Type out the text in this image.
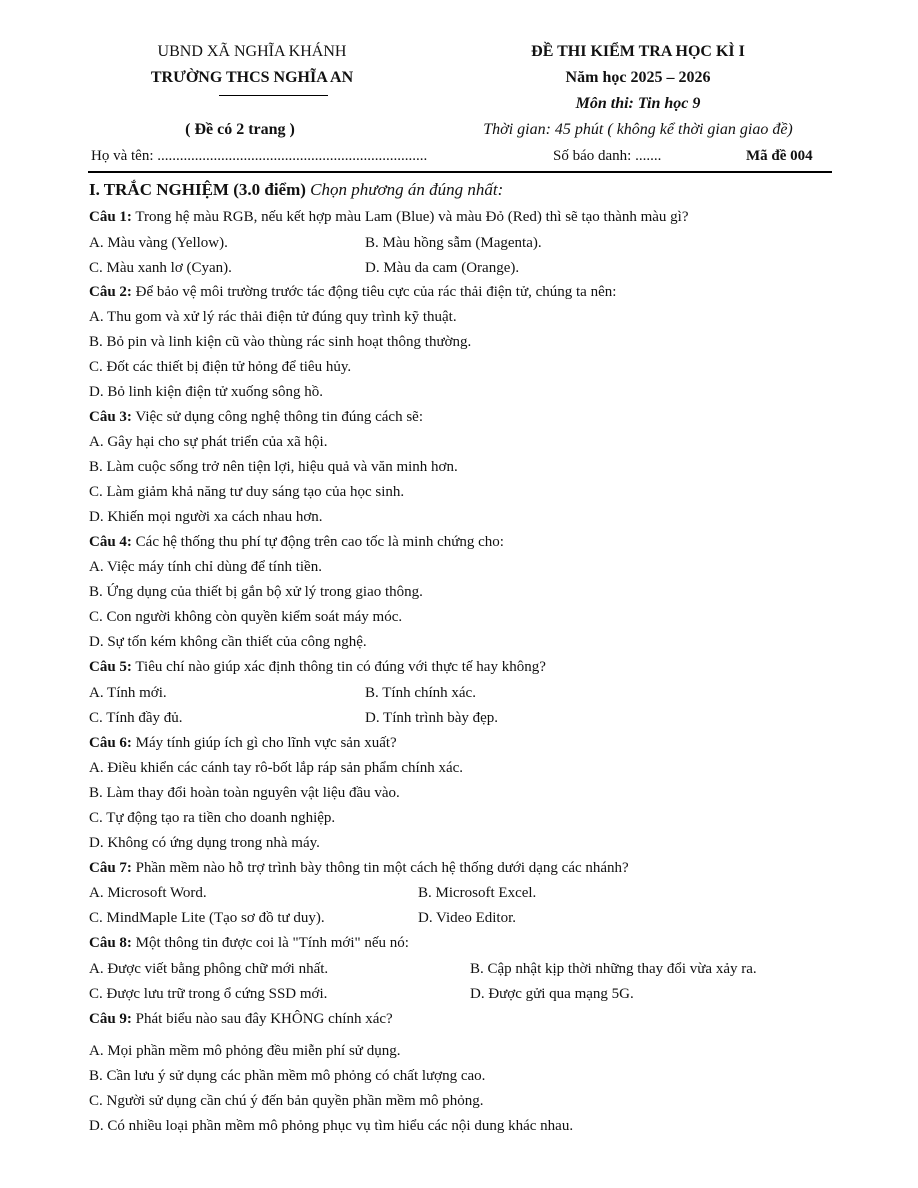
UBND XÃ NGHĨA KHÁNH
TRƯỜNG THCS NGHĨA AN
( Đề có 2 trang )
ĐỀ THI KIỂM TRA HỌC KÌ I
Năm học 2025 – 2026
Môn thi: Tin học 9
Thời gian: 45 phút ( không kể thời gian giao đề)
Họ và tên: ........................................................................	Số báo danh: .......	Mã đề 004
I. TRẮC NGHIỆM (3.0 điểm) Chọn phương án đúng nhất:
Câu 1: Trong hệ màu RGB, nếu kết hợp màu Lam (Blue) và màu Đỏ (Red) thì sẽ tạo thành màu gì?
A. Màu vàng (Yellow).	B. Màu hồng sẫm (Magenta).
C. Màu xanh lơ (Cyan).	D. Màu da cam (Orange).
Câu 2: Để bảo vệ môi trường trước tác động tiêu cực của rác thải điện tử, chúng ta nên:
A. Thu gom và xử lý rác thải điện tử đúng quy trình kỹ thuật.
B. Bỏ pin và linh kiện cũ vào thùng rác sinh hoạt thông thường.
C. Đốt các thiết bị điện tử hỏng để tiêu hủy.
D. Bỏ linh kiện điện tử xuống sông hồ.
Câu 3: Việc sử dụng công nghệ thông tin đúng cách sẽ:
A. Gây hại cho sự phát triển của xã hội.
B. Làm cuộc sống trở nên tiện lợi, hiệu quả và văn minh hơn.
C. Làm giảm khả năng tư duy sáng tạo của học sinh.
D. Khiến mọi người xa cách nhau hơn.
Câu 4: Các hệ thống thu phí tự động trên cao tốc là minh chứng cho:
A. Việc máy tính chỉ dùng để tính tiền.
B. Ứng dụng của thiết bị gắn bộ xử lý trong giao thông.
C. Con người không còn quyền kiểm soát máy móc.
D. Sự tốn kém không cần thiết của công nghệ.
Câu 5: Tiêu chí nào giúp xác định thông tin có đúng với thực tế hay không?
A. Tính mới.	B. Tính chính xác.
C. Tính đầy đủ.	D. Tính trình bày đẹp.
Câu 6: Máy tính giúp ích gì cho lĩnh vực sản xuất?
A. Điều khiển các cánh tay rô-bốt lắp ráp sản phẩm chính xác.
B. Làm thay đổi hoàn toàn nguyên vật liệu đầu vào.
C. Tự động tạo ra tiền cho doanh nghiệp.
D. Không có ứng dụng trong nhà máy.
Câu 7: Phần mềm nào hỗ trợ trình bày thông tin một cách hệ thống dưới dạng các nhánh?
A. Microsoft Word.	B. Microsoft Excel.
C. MindMaple Lite (Tạo sơ đồ tư duy).	D. Video Editor.
Câu 8: Một thông tin được coi là "Tính mới" nếu nó:
A. Được viết bằng phông chữ mới nhất.	B. Cập nhật kịp thời những thay đổi vừa xảy ra.
C. Được lưu trữ trong ổ cứng SSD mới.	D. Được gửi qua mạng 5G.
Câu 9: Phát biểu nào sau đây KHÔNG chính xác?
A. Mọi phần mềm mô phỏng đều miễn phí sử dụng.
B. Cần lưu ý sử dụng các phần mềm mô phỏng có chất lượng cao.
C. Người sử dụng cần chú ý đến bản quyền phần mềm mô phỏng.
D. Có nhiều loại phần mềm mô phỏng phục vụ tìm hiểu các nội dung khác nhau.
